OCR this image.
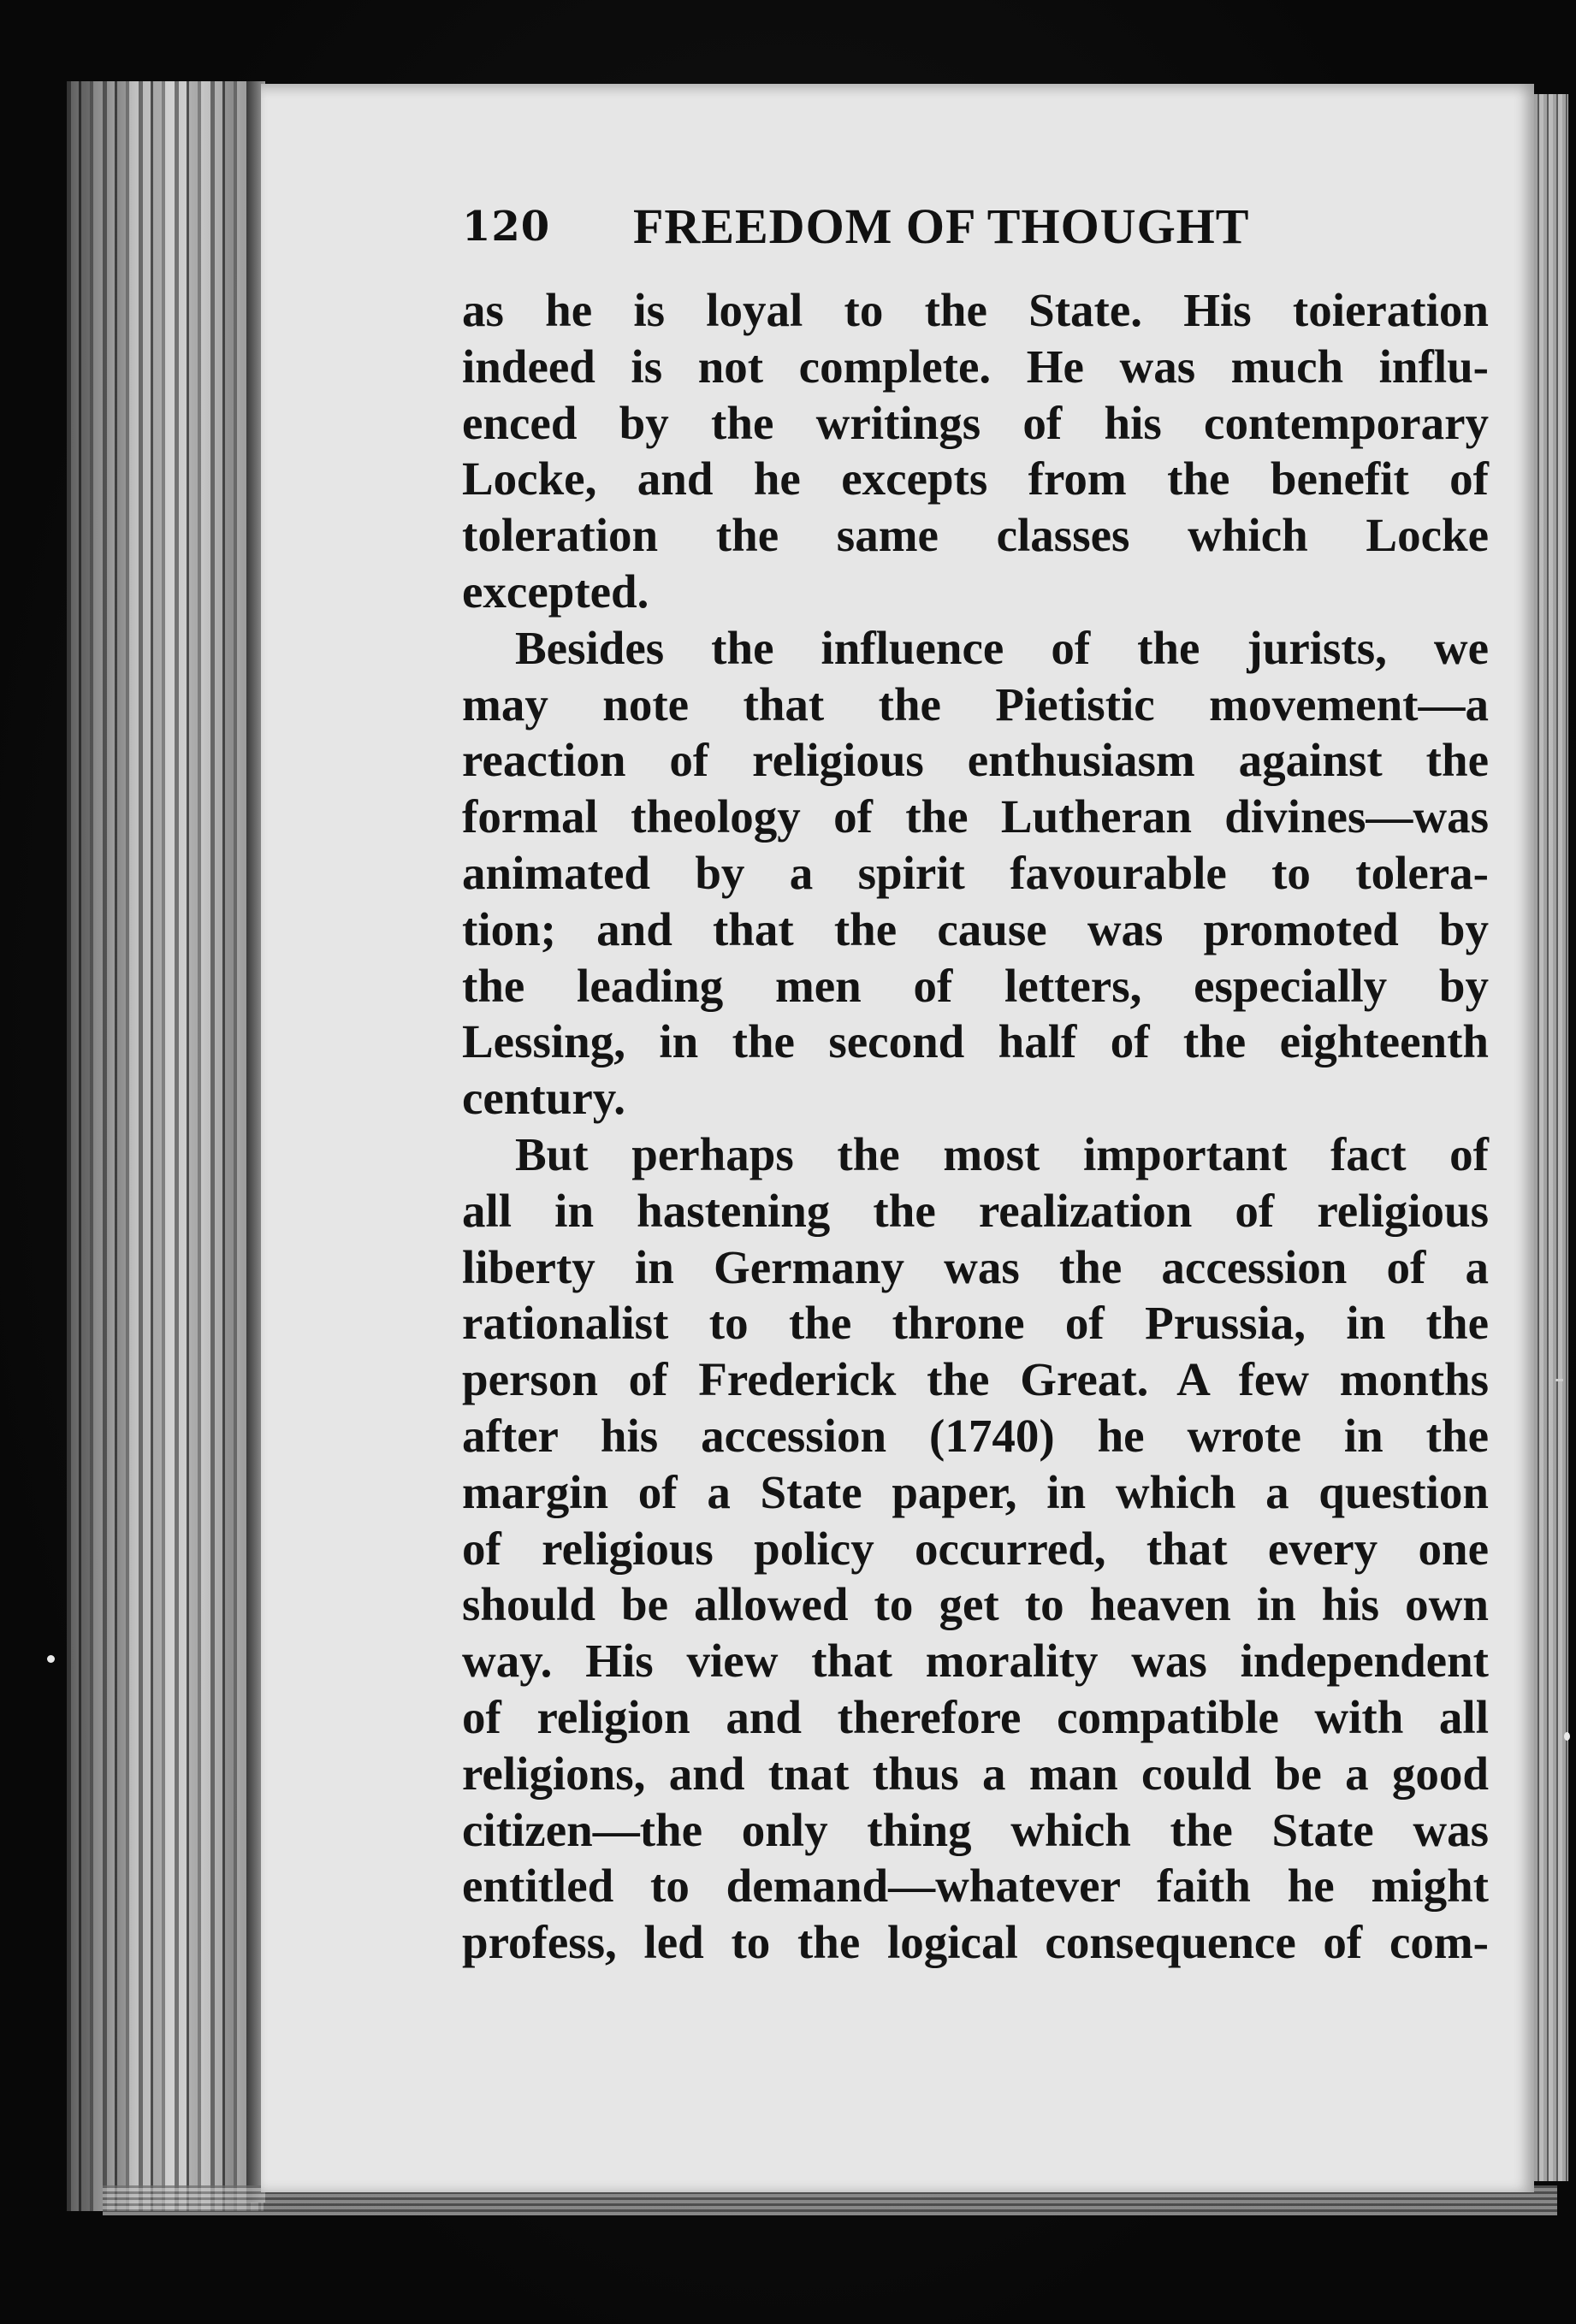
120 FREEDOM OF THOUGHT
as he is loyal to the State. His toieration
indeed is not complete. He was much influ-
enced by the writings of his contemporary
Locke, and he excepts from the benefit of
toleration the same classes which Locke
excepted.
Besides the influence of the jurists, we
may note that the Pietistic movement—a
reaction of religious enthusiasm against the
formal theology of the Lutheran divines—was
animated by a spirit favourable to tolera-
tion; and that the cause was promoted by
the leading men of letters, especially by
Lessing, in the second half of the eighteenth
century.
But perhaps the most important fact of
all in hastening the realization of religious
liberty in Germany was the accession of a
rationalist to the throne of Prussia, in the
person of Frederick the Great. A few months
after his accession (1740) he wrote in the
margin of a State paper, in which a question
of religious policy occurred, that every one
should be allowed to get to heaven in his own
way. His view that morality was independent
of religion and therefore compatible with all
religions, and tnat thus a man could be a good
citizen—the only thing which the State was
entitled to demand—whatever faith he might
profess, led to the logical consequence of com-
